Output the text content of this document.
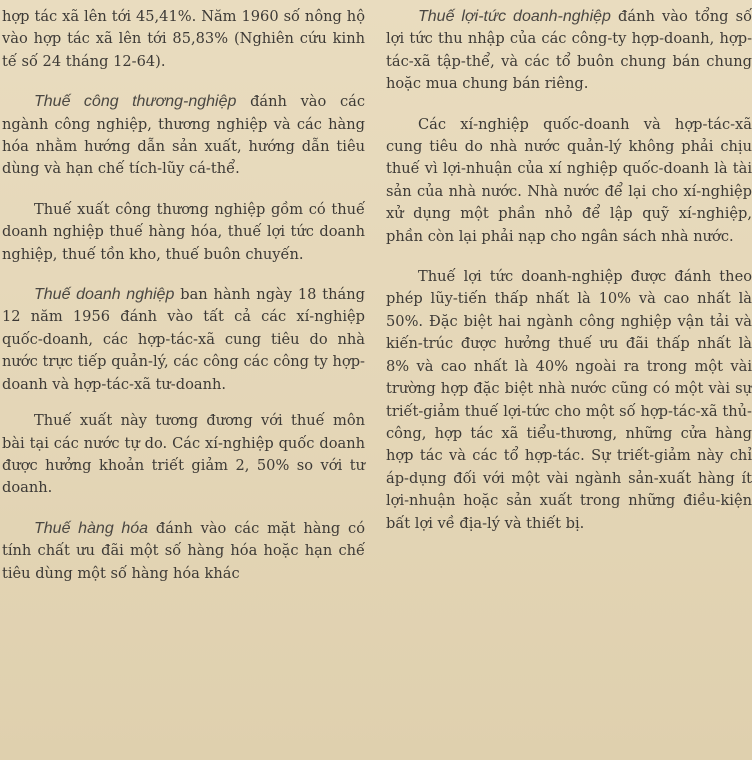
hợp tác xã lên tới 45,41%. Năm 1960 số nông hộ vào hợp tác xã lên tới 85,83% (Nghiên cứu kinh tế số 24 tháng 12-64).

Thuế công thương-nghiệp đánh vào các ngành công nghiệp, thương nghiệp và các hàng hóa nhằm hướng dẫn sản xuất, hướng dẫn tiêu dùng và hạn chế tích-lũy cá-thể.

Thuế xuất công thương nghiệp gồm có thuế doanh nghiệp thuế hàng hóa, thuế lợi tức doanh nghiệp, thuế tồn kho, thuế buôn chuyến.

Thuế doanh nghiệp ban hành ngày 18 tháng 12 năm 1956 đánh vào tất cả các xí-nghiệp quốc-doanh, các hợp-tác-xã cung tiêu do nhà nước trực tiếp quản-lý, các công các công ty hợp-doanh và hợp-tác-xã tư-doanh.

Thuế xuất này tương đương với thuế môn bài tại các nước tự do. Các xí-nghiệp quốc doanh được hưởng khoản triết giảm 2, 50% so với tư doanh.

Thuế hàng hóa đánh vào các mặt hàng có tính chất ưu đãi một số hàng hóa hoặc hạn chế tiêu dùng một số hàng hóa khác

Thuế lợi-tức doanh-nghiệp đánh vào tổng số lợi tức thu nhập của các công-ty hợp-doanh, hợp-tác-xã tập-thể, và các tổ buôn chung bán chung hoặc mua chung bán riêng.

Các xí-nghiệp quốc-doanh và hợp-tác-xã cung tiêu do nhà nước quản-lý không phải chịu thuế vì lợi-nhuận của xí nghiệp quốc-doanh là tài sản của nhà nước. Nhà nước để lại cho xí-nghiệp xử dụng một phần nhỏ để lập quỹ xí-nghiệp, phần còn lại phải nạp cho ngân sách nhà nước.

Thuế lợi tức doanh-nghiệp được đánh theo phép lũy-tiến thấp nhất là 10% và cao nhất là 50%. Đặc biệt hai ngành công nghiệp vận tải và kiến-trúc được hưởng thuế ưu đãi thấp nhất là 8% và cao nhất là 40% ngoài ra trong một vài trường hợp đặc biệt nhà nước cũng có một vài sự triết-giảm thuế lợi-tức cho một số hợp-tác-xã thủ-công, hợp tác xã tiểu-thương, những cửa hàng hợp tác và các tổ hợp-tác. Sự triết-giảm này chỉ áp-dụng đối với một vài ngành sản-xuất hàng ít lợi-nhuận hoặc sản xuất trong những điều-kiện bất lợi về địa-lý và thiết bị.
